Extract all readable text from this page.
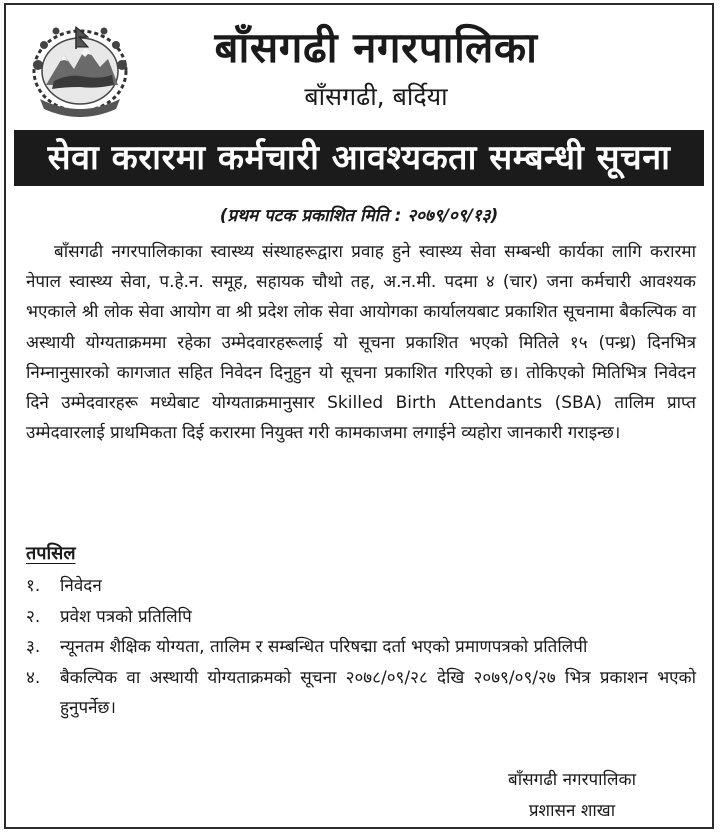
बाँसगढी नगरपालिका
बाँसगढी, बर्दिया
सेवा करारमा कर्मचारी आवश्यकता सम्बन्धी सूचना
(प्रथम पटक प्रकाशित मिति : २०७९/०९/१३)

बाँसगढी नगरपालिकाका स्वास्थ्य संस्थाहरूद्वारा प्रवाह हुने स्वास्थ्य सेवा सम्बन्धी कार्यका लागि करारमा नेपाल स्वास्थ्य सेवा, प.हे.न. समूह, सहायक चौथो तह, अ.न.मी. पदमा ४ (चार) जना कर्मचारी आवश्यक भएकाले श्री लोक सेवा आयोग वा श्री प्रदेश लोक सेवा आयोगका कार्यालयबाट प्रकाशित सूचनामा बैकल्पिक वा अस्थायी योग्यताक्रममा रहेका उम्मेदवारहरूलाई यो सूचना प्रकाशित भएको मितिले १५ (पन्ध्र) दिनभित्र निम्नानुसारको कागजात सहित निवेदन दिनुहुन यो सूचना प्रकाशित गरिएको छ। तोकिएको मितिभित्र निवेदन दिने उम्मेदवारहरू मध्येबाट योग्यताक्रमानुसार Skilled Birth Attendants (SBA) तालिम प्राप्त उम्मेदवारलाई प्राथमिकता दिई करारमा नियुक्त गरी कामकाजमा लगाईने व्यहोरा जानकारी गराइन्छ।

तपसिल
१.	निवेदन
२.	प्रवेश पत्रको प्रतिलिपि
३.	न्यूनतम शैक्षिक योग्यता, तालिम र सम्बन्धित परिषद्मा दर्ता भएको प्रमाणपत्रको प्रतिलिपी
४.	बैकल्पिक वा अस्थायी योग्यताक्रमको सूचना २०७८/०९/२८ देखि २०७९/०९/२७ भित्र प्रकाशन भएको हुनुपर्नेछ।
बाँसगढी नगरपालिका
प्रशासन शाखा
